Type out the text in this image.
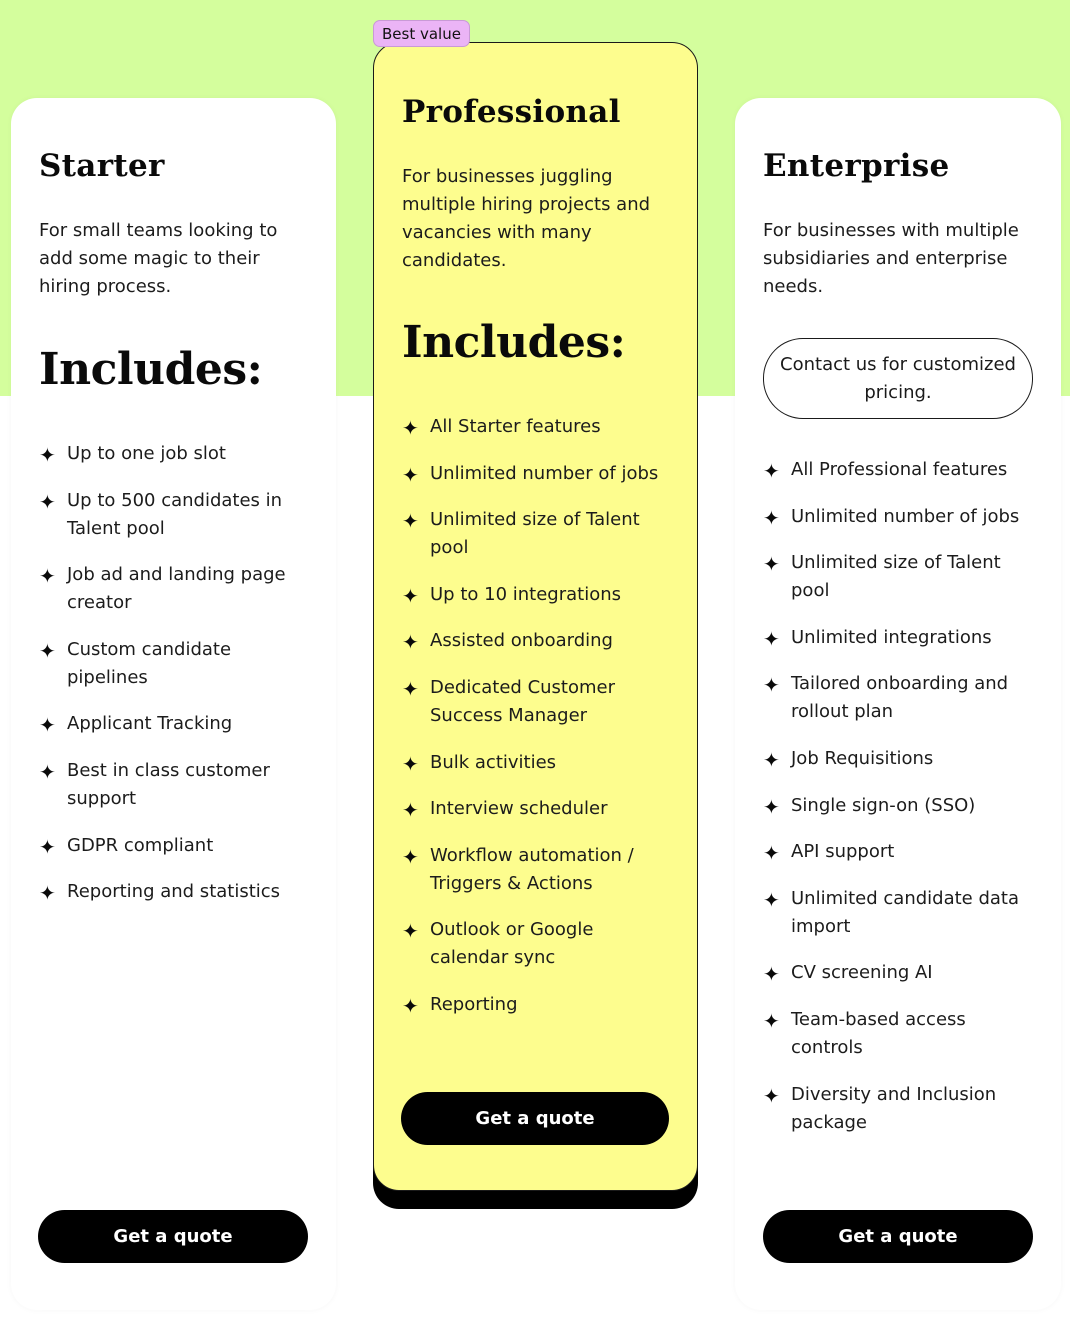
Starter

For small teams looking to add some magic to their hiring process.

Includes:
✦ Up to one job slot
✦ Up to 500 candidates in Talent pool
✦ Job ad and landing page creator
✦ Custom candidate pipelines
✦ Applicant Tracking
✦ Best in class customer support
✦ GDPR compliant
✦ Reporting and statistics
Get a quote
Professional

For businesses juggling multiple hiring projects and vacancies with many candidates.

Includes:
✦ All Starter features
✦ Unlimited number of jobs
✦ Unlimited size of Talent pool
✦ Up to 10 integrations
✦ Assisted onboarding
✦ Dedicated Customer Success Manager
✦ Bulk activities
✦ Interview scheduler
✦ Workflow automation / Triggers & Actions
✦ Outlook or Google calendar sync
✦ Reporting
Get a quote
Best value
Enterprise

For businesses with multiple subsidiaries and enterprise needs.

Contact us for customized pricing.
✦ All Professional features
✦ Unlimited number of jobs
✦ Unlimited size of Talent pool
✦ Unlimited integrations
✦ Tailored onboarding and rollout plan
✦ Job Requisitions
✦ Single sign-on (SSO)
✦ API support
✦ Unlimited candidate data import
✦ CV screening AI
✦ Team-based access controls
✦ Diversity and Inclusion package
Get a quote
